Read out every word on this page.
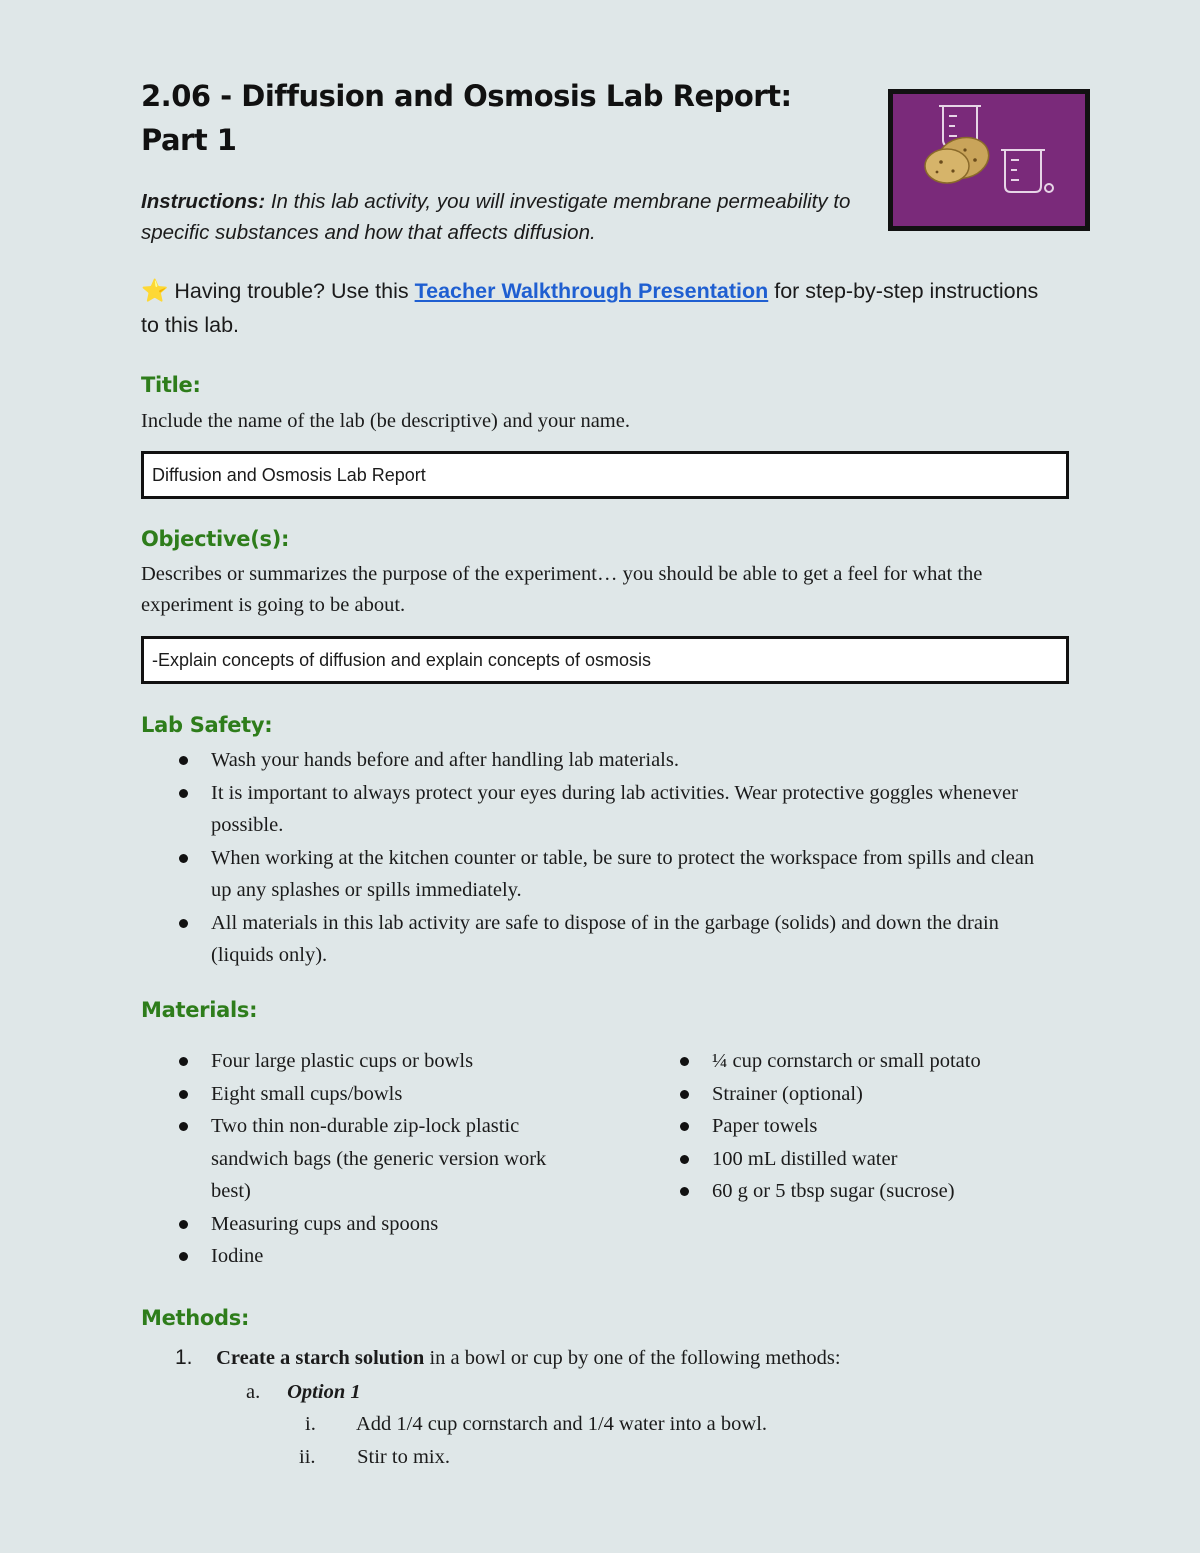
2.06 - Diffusion and Osmosis Lab Report:
Part 1
Instructions: In this lab activity, you will investigate membrane permeability to specific substances and how that affects diffusion.
⭐ Having trouble? Use this Teacher Walkthrough Presentation for step-by-step instructions to this lab.
Title:

Include the name of the lab (be descriptive) and your name.

Diffusion and Osmosis Lab Report
Objective(s):

Describes or summarizes the purpose of the experiment… you should be able to get a feel for what the experiment is going to be about.

-Explain concepts of diffusion and explain concepts of osmosis
Lab Safety:
Wash your hands before and after handling lab materials.
It is important to always protect your eyes during lab activities. Wear protective goggles whenever possible.
When working at the kitchen counter or table, be sure to protect the workspace from spills and clean up any splashes or spills immediately.
All materials in this lab activity are safe to dispose of in the garbage (solids) and down the drain (liquids only).
Materials:
Four large plastic cups or bowls
Eight small cups/bowls
Two thin non-durable zip-lock plastic sandwich bags (the generic version work best)
Measuring cups and spoons
Iodine
¼ cup cornstarch or small potato
Strainer (optional)
Paper towels
100 mL distilled water
60 g or 5 tbsp sugar (sucrose)
Methods:
1. Create a starch solution in a bowl or cup by one of the following methods:
a. Option 1
i. Add 1/4 cup cornstarch and 1/4 water into a bowl.
ii. Stir to mix.
